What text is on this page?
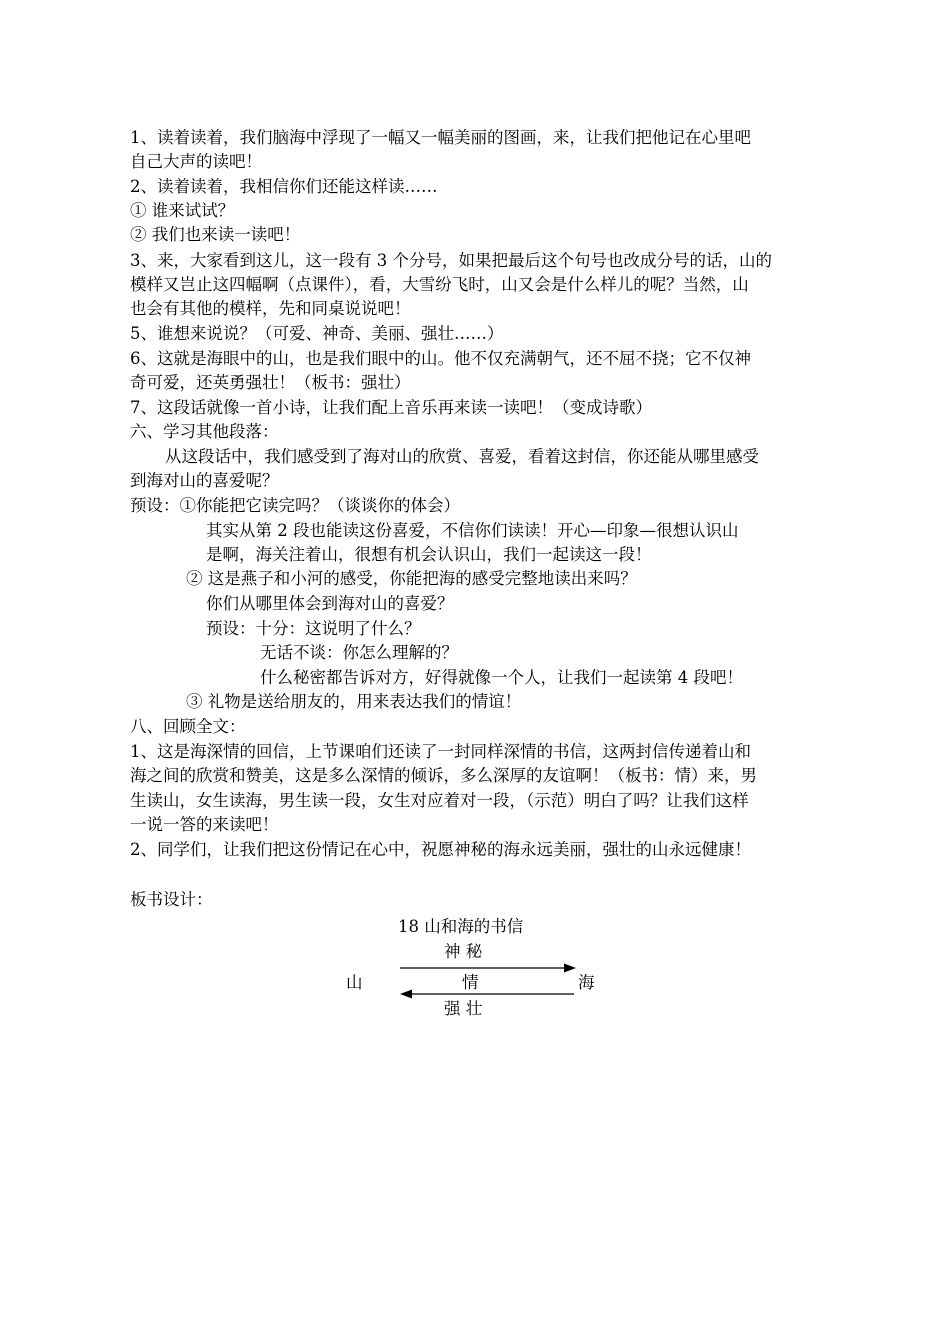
1、读着读着，我们脑海中浮现了一幅又一幅美丽的图画，来，让我们把他记在心里吧
自己大声的读吧！
2、读着读着，我相信你们还能这样读……
① 谁来试试？
② 我们也来读一读吧！
3、来，大家看到这儿，这一段有 3 个分号，如果把最后这个句号也改成分号的话，山的
模样又岂止这四幅啊（点课件），看，大雪纷飞时，山又会是什么样儿的呢？当然，山
也会有其他的模样，先和同桌说说吧！
5、谁想来说说？（可爱、神奇、美丽、强壮……）
6、这就是海眼中的山，也是我们眼中的山。他不仅充满朝气，还不屈不挠；它不仅神
奇可爱，还英勇强壮！（板书：强壮）
7、这段话就像一首小诗，让我们配上音乐再来读一读吧！（变成诗歌）
六、学习其他段落：
从这段话中，我们感受到了海对山的欣赏、喜爱，看着这封信，你还能从哪里感受
到海对山的喜爱呢？
预设：①你能把它读完吗？（谈谈你的体会）
其实从第 2 段也能读这份喜爱，不信你们读读！开心—印象—很想认识山
是啊，海关注着山，很想有机会认识山，我们一起读这一段！
② 这是燕子和小河的感受，你能把海的感受完整地读出来吗？
你们从哪里体会到海对山的喜爱？
预设：十分：这说明了什么？
无话不谈：你怎么理解的？
什么秘密都告诉对方，好得就像一个人，让我们一起读第 4 段吧！
③ 礼物是送给朋友的，用来表达我们的情谊！
八、回顾全文：
1、这是海深情的回信，上节课咱们还读了一封同样深情的书信，这两封信传递着山和
海之间的欣赏和赞美，这是多么深情的倾诉，多么深厚的友谊啊！（板书：情）来，男
生读山，女生读海，男生读一段，女生对应着对一段，（示范）明白了吗？让我们这样
一说一答的来读吧！
2、同学们，让我们把这份情记在心中，祝愿神秘的海永远美丽，强壮的山永远健康！
板书设计：
18 山和海的书信
神 秘
山	情	海
强 壮
